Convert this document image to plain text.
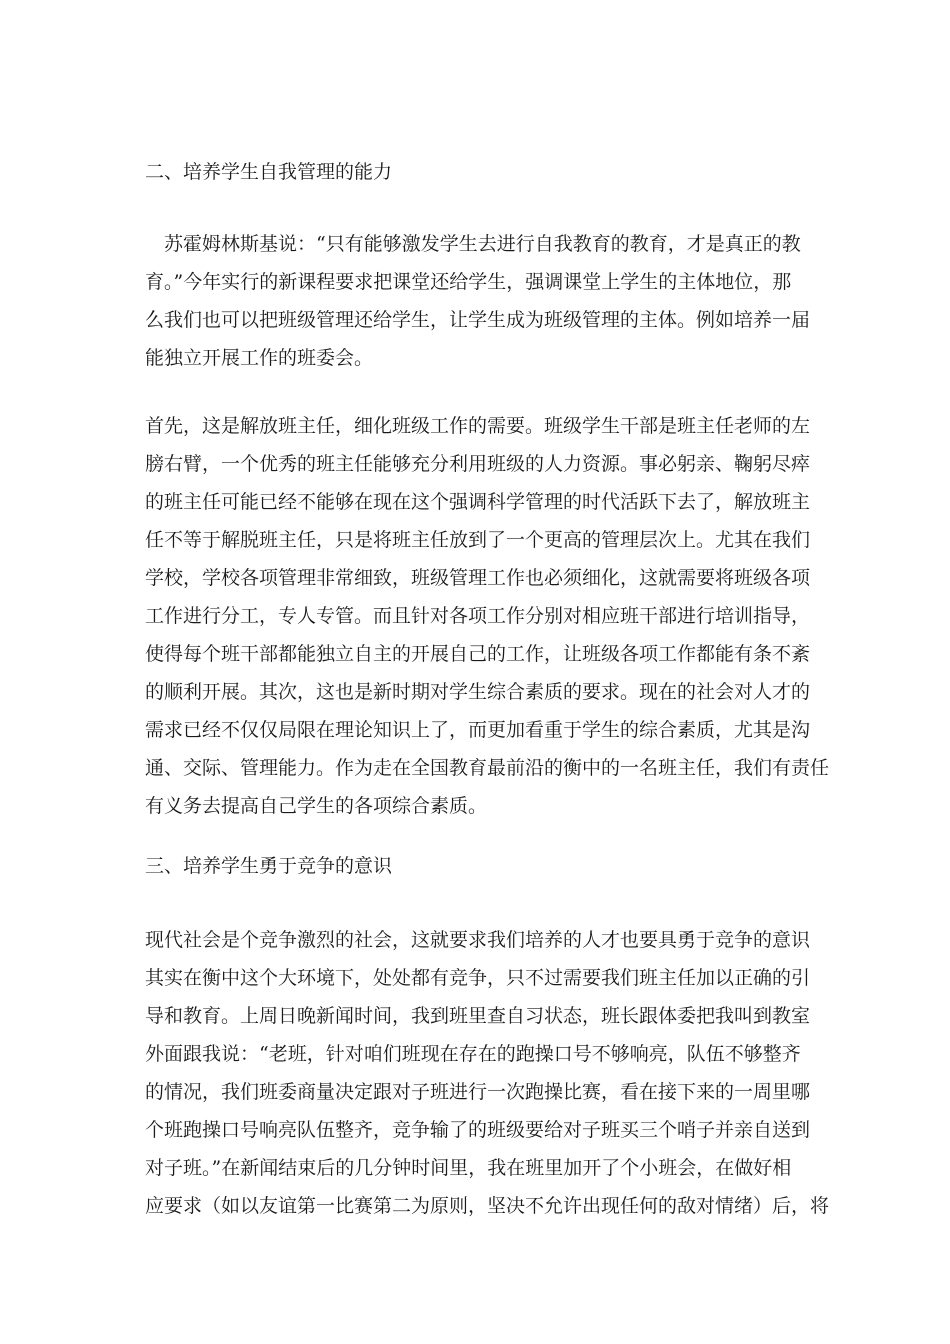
二、培养学生自我管理的能力

　苏霍姆林斯基说：“只有能够激发学生去进行自我教育的教育，才是真正的教

育。”今年实行的新课程要求把课堂还给学生，强调课堂上学生的主体地位，那

么我们也可以把班级管理还给学生，让学生成为班级管理的主体。例如培养一届

能独立开展工作的班委会。

首先，这是解放班主任，细化班级工作的需要。班级学生干部是班主任老师的左

膀右臂，一个优秀的班主任能够充分利用班级的人力资源。事必躬亲、鞠躬尽瘁

的班主任可能已经不能够在现在这个强调科学管理的时代活跃下去了，解放班主

任不等于解脱班主任，只是将班主任放到了一个更高的管理层次上。尤其在我们

学校，学校各项管理非常细致，班级管理工作也必须细化，这就需要将班级各项

工作进行分工，专人专管。而且针对各项工作分别对相应班干部进行培训指导，

使得每个班干部都能独立自主的开展自己的工作，让班级各项工作都能有条不紊

的顺利开展。其次，这也是新时期对学生综合素质的要求。现在的社会对人才的

需求已经不仅仅局限在理论知识上了，而更加看重于学生的综合素质，尤其是沟

通、交际、管理能力。作为走在全国教育最前沿的衡中的一名班主任，我们有责任

有义务去提高自己学生的各项综合素质。

三、培养学生勇于竞争的意识

现代社会是个竞争激烈的社会，这就要求我们培养的人才也要具勇于竞争的意识

其实在衡中这个大环境下，处处都有竞争，只不过需要我们班主任加以正确的引

导和教育。上周日晚新闻时间，我到班里查自习状态，班长跟体委把我叫到教室

外面跟我说：“老班，针对咱们班现在存在的跑操口号不够响亮，队伍不够整齐

的情况，我们班委商量决定跟对子班进行一次跑操比赛，看在接下来的一周里哪

个班跑操口号响亮队伍整齐，竞争输了的班级要给对子班买三个哨子并亲自送到

对子班。”在新闻结束后的几分钟时间里，我在班里加开了个小班会，在做好相

应要求（如以友谊第一比赛第二为原则，坚决不允许出现任何的敌对情绪）后，将
